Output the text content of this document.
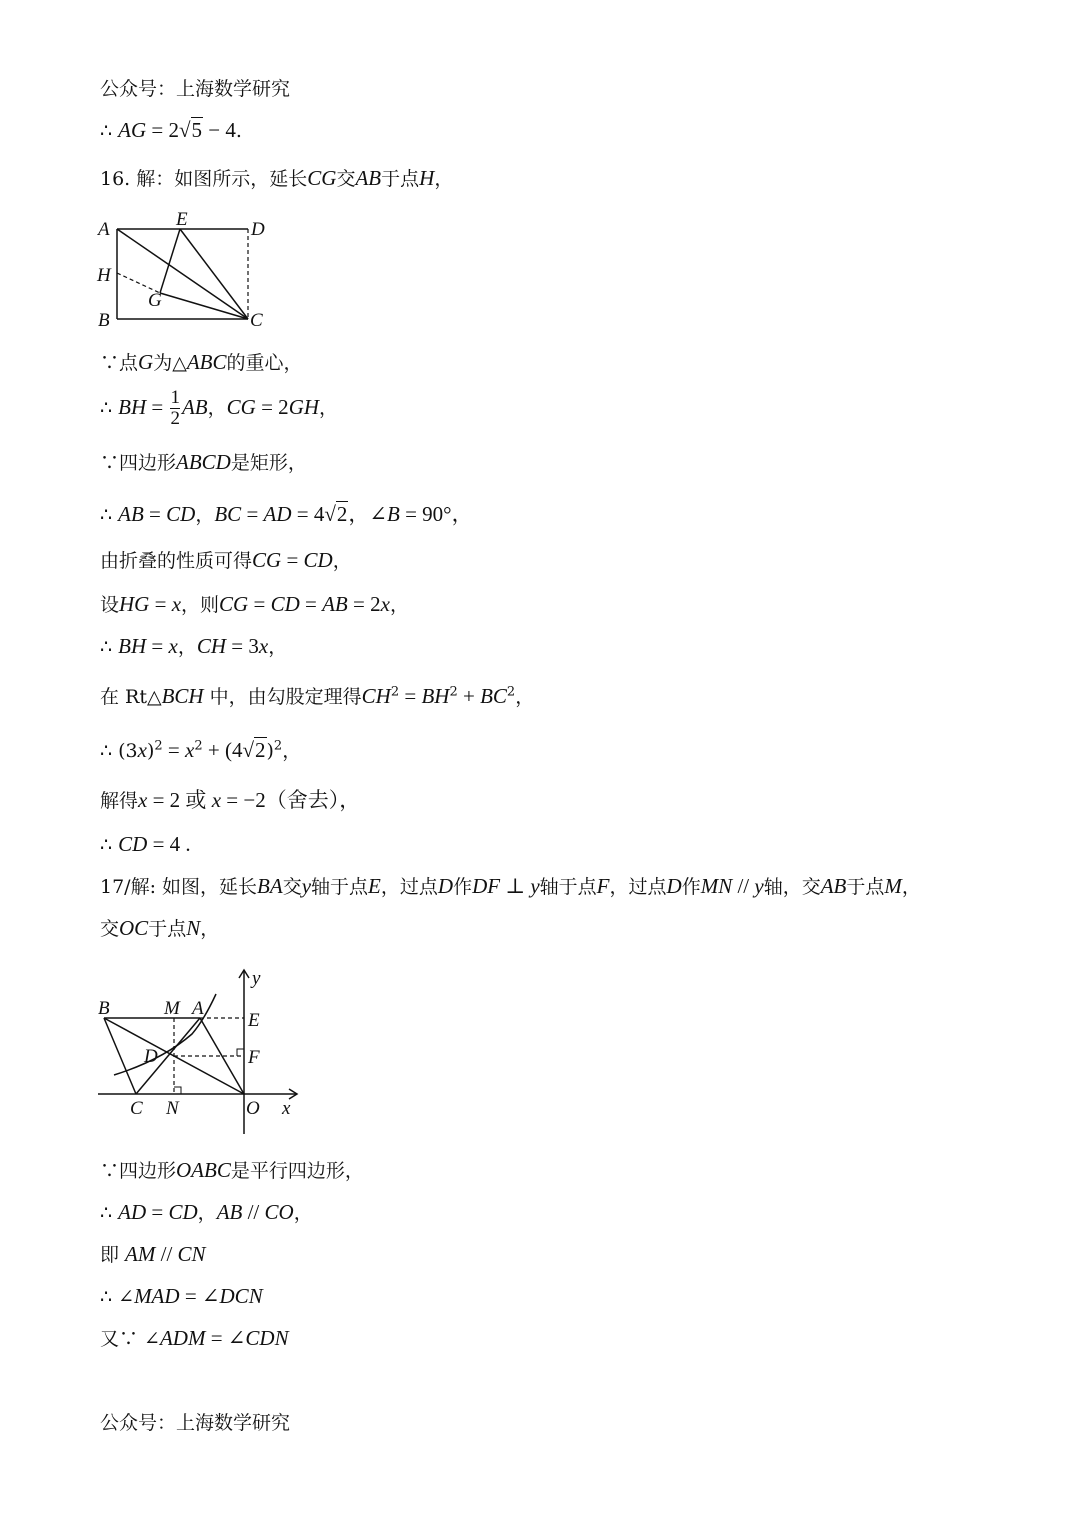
公众号：上海数学研究
∴ AG = 2√5 − 4.
16. 解：如图所示，延长CG交AB于点H，
A	E	D
H
G
B	C
∵点G为△ABC的重心，
∴ BH = $\frac{1}{2}$ AB，CG = 2GH，
∵四边形ABCD是矩形，
∴ AB = CD，BC = AD = 4√2，∠B = 90°，
由折叠的性质可得CG = CD，
设HG = x，则CG = CD = AB = 2x，
∴ BH = x，CH = 3x，
在 Rt△BCH 中，由勾股定理得$CH^2 = BH^2 + BC^2$，
∴ $(3x)^2 = x^2 + (4√2)^2$，
解得x = 2 或 x = −2（舍去），
∴ CD = 4 .
17/解: 如图，延长BA交y轴于点E，过点D作DF ⊥ y轴于点F，过点D作MN // y轴，交AB于点M，
交OC于点N，
y
B	M A
E
D	F
C N	O x
∵四边形OABC是平行四边形，
∴ AD = CD，AB // CO，
即 AM // CN
∴ ∠MAD = ∠DCN
又∵ ∠ADM = ∠CDN
公众号：上海数学研究
